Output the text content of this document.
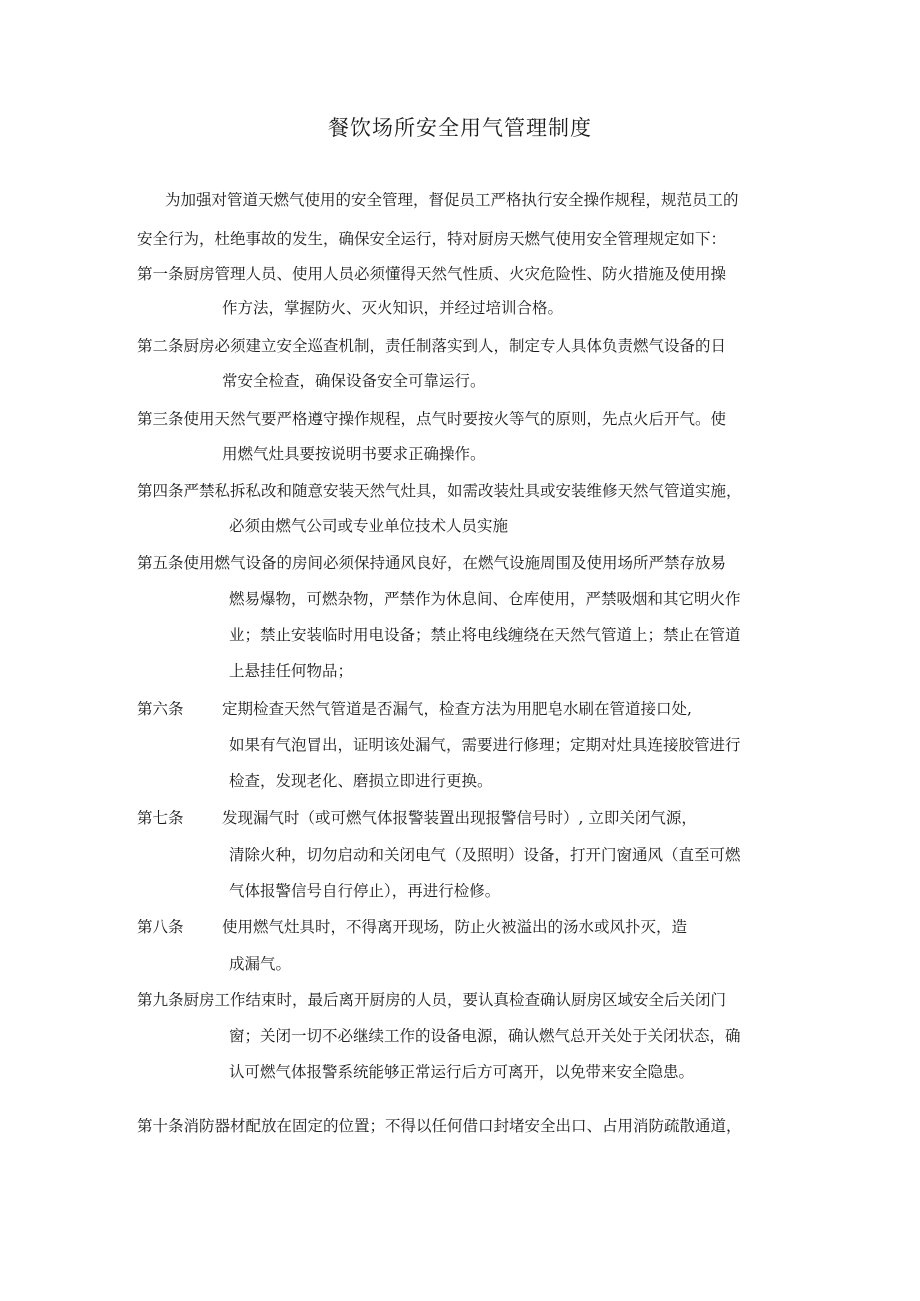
餐饮场所安全用气管理制度
为加强对管道天燃气使用的安全管理，督促员工严格执行安全操作规程，规范员工的
安全行为，杜绝事故的发生，确保安全运行，特对厨房天燃气使用安全管理规定如下：
第一条厨房管理人员、使用人员必须懂得天然气性质、火灾危险性、防火措施及使用操
作方法，掌握防火、灭火知识，并经过培训合格。
第二条厨房必须建立安全巡查机制，责任制落实到人，制定专人具体负责燃气设备的日
常安全检查，确保设备安全可靠运行。
第三条使用天然气要严格遵守操作规程，点气时要按火等气的原则，先点火后开气。使
用燃气灶具要按说明书要求正确操作。
第四条严禁私拆私改和随意安装天然气灶具，如需改装灶具或安装维修天然气管道实施，
必须由燃气公司或专业单位技术人员实施
第五条使用燃气设备的房间必须保持通风良好，在燃气设施周围及使用场所严禁存放易
燃易爆物，可燃杂物，严禁作为休息间、仓库使用，严禁吸烟和其它明火作
业；禁止安装临时用电设备；禁止将电线缠绕在天然气管道上；禁止在管道
上悬挂任何物品；
第六条 定期检查天然气管道是否漏气，检查方法为用肥皂水刷在管道接口处,
如果有气泡冒出，证明该处漏气，需要进行修理；定期对灶具连接胶管进行
检查，发现老化、磨损立即进行更换。
第七条 发现漏气时（或可燃气体报警装置出现报警信号时）, 立即关闭气源，
清除火种，切勿启动和关闭电气（及照明）设备，打开门窗通风（直至可燃
气体报警信号自行停止），再进行检修。
第八条 使用燃气灶具时，不得离开现场，防止火被溢出的汤水或风扑灭，造
成漏气。
第九条厨房工作结束时，最后离开厨房的人员，要认真检查确认厨房区域安全后关闭门
窗；关闭一切不必继续工作的设备电源，确认燃气总开关处于关闭状态，确
认可燃气体报警系统能够正常运行后方可离开，以免带来安全隐患。
第十条消防器材配放在固定的位置；不得以任何借口封堵安全出口、占用消防疏散通道，
